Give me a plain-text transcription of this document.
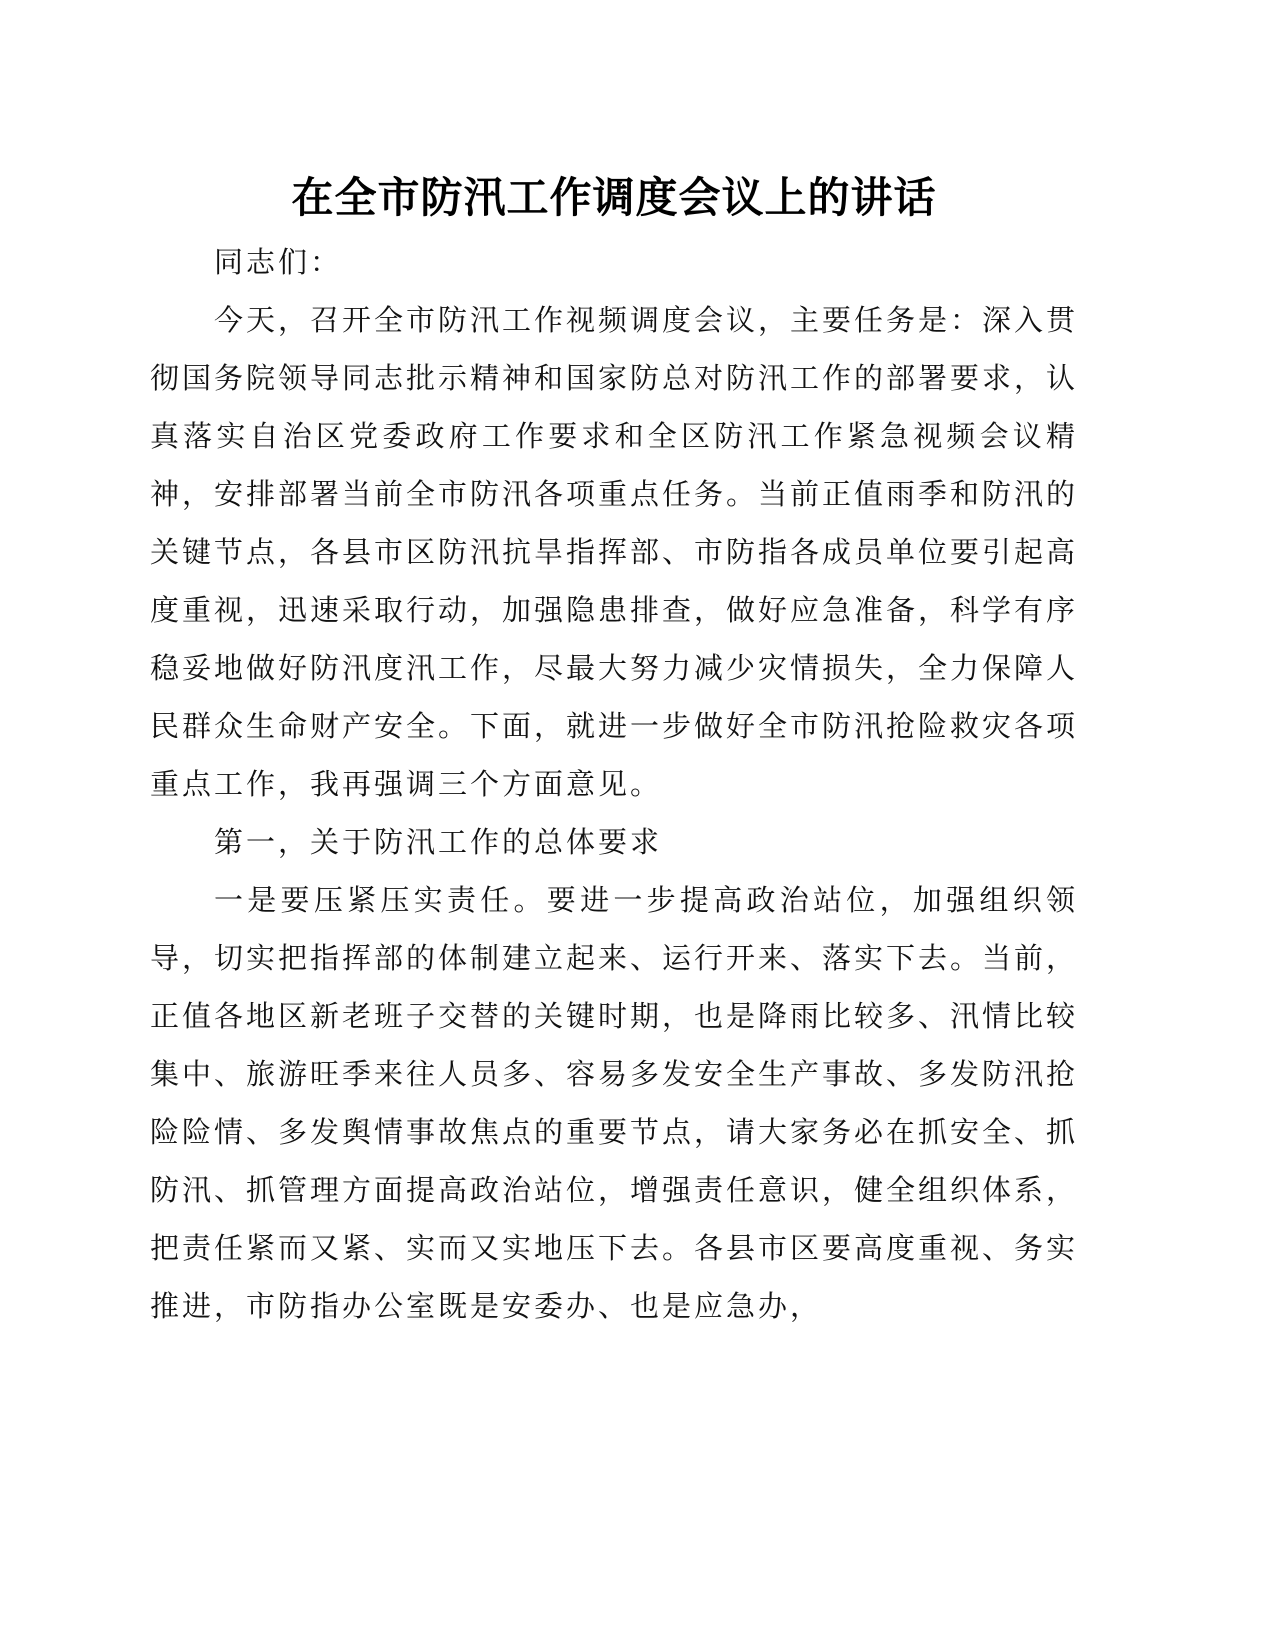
在全市防汛工作调度会议上的讲话

同志们：

今天，召开全市防汛工作视频调度会议，主要任务是：深入贯彻国务院领导同志批示精神和国家防总对防汛工作的部署要求，认真落实自治区党委政府工作要求和全区防汛工作紧急视频会议精神，安排部署当前全市防汛各项重点任务。当前正值雨季和防汛的关键节点，各县市区防汛抗旱指挥部、市防指各成员单位要引起高度重视，迅速采取行动，加强隐患排查，做好应急准备，科学有序稳妥地做好防汛度汛工作，尽最大努力减少灾情损失，全力保障人民群众生命财产安全。下面，就进一步做好全市防汛抢险救灾各项重点工作，我再强调三个方面意见。

第一，关于防汛工作的总体要求

一是要压紧压实责任。要进一步提高政治站位，加强组织领导，切实把指挥部的体制建立起来、运行开来、落实下去。当前，正值各地区新老班子交替的关键时期，也是降雨比较多、汛情比较集中、旅游旺季来往人员多、容易多发安全生产事故、多发防汛抢险险情、多发舆情事故焦点的重要节点，请大家务必在抓安全、抓防汛、抓管理方面提高政治站位，增强责任意识，健全组织体系，把责任紧而又紧、实而又实地压下去。各县市区要高度重视、务实推进，市防指办公室既是安委办、也是应急办，
